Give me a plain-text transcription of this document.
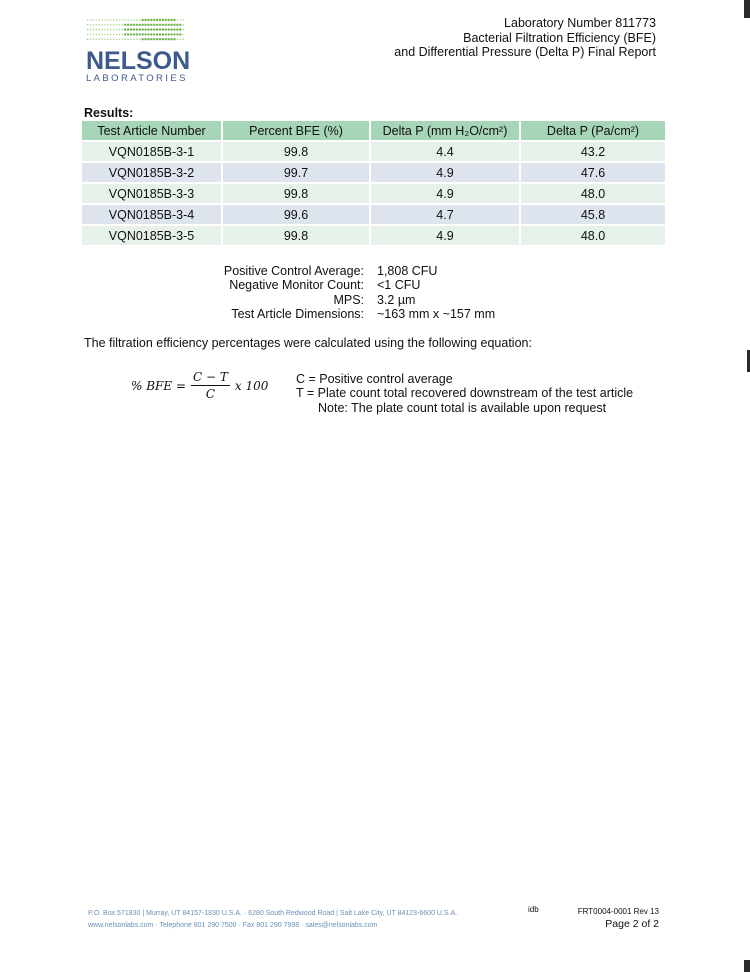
NELSON
LABORATORIES
Laboratory Number 811773
Bacterial Filtration Efficiency (BFE)
and Differential Pressure (Delta P) Final Report
Results:
Test Article Number	Percent BFE (%)	Delta P (mm H₂O/cm²)	Delta P (Pa/cm²)
VQN0185B-3-1	99.8	4.4	43.2
VQN0185B-3-2	99.7	4.9	47.6
VQN0185B-3-3	99.8	4.9	48.0
VQN0185B-3-4	99.6	4.7	45.8
VQN0185B-3-5	99.8	4.9	48.0
Positive Control Average:	1,808 CFU
Negative Monitor Count:	<1 CFU
MPS:	3.2 µm
Test Article Dimensions:	~163 mm x ~157 mm
The filtration efficiency percentages were calculated using the following equation:
% BFE = $\frac{C - T}{C}$ x 100 C = Positive control average
T = Plate count total recovered downstream of the test article
Note: The plate count total is available upon request
P.O. Box 571830 | Murray, UT 84157-1830 U.S.A. · 6280 South Redwood Road | Salt Lake City, UT 84123-6600 U.S.A.
www.nelsonlabs.com · Telephone 801 290 7500 · Fax 801 290 7998 · sales@nelsonlabs.com
idb	FRT0004-0001 Rev 13
Page 2 of 2
